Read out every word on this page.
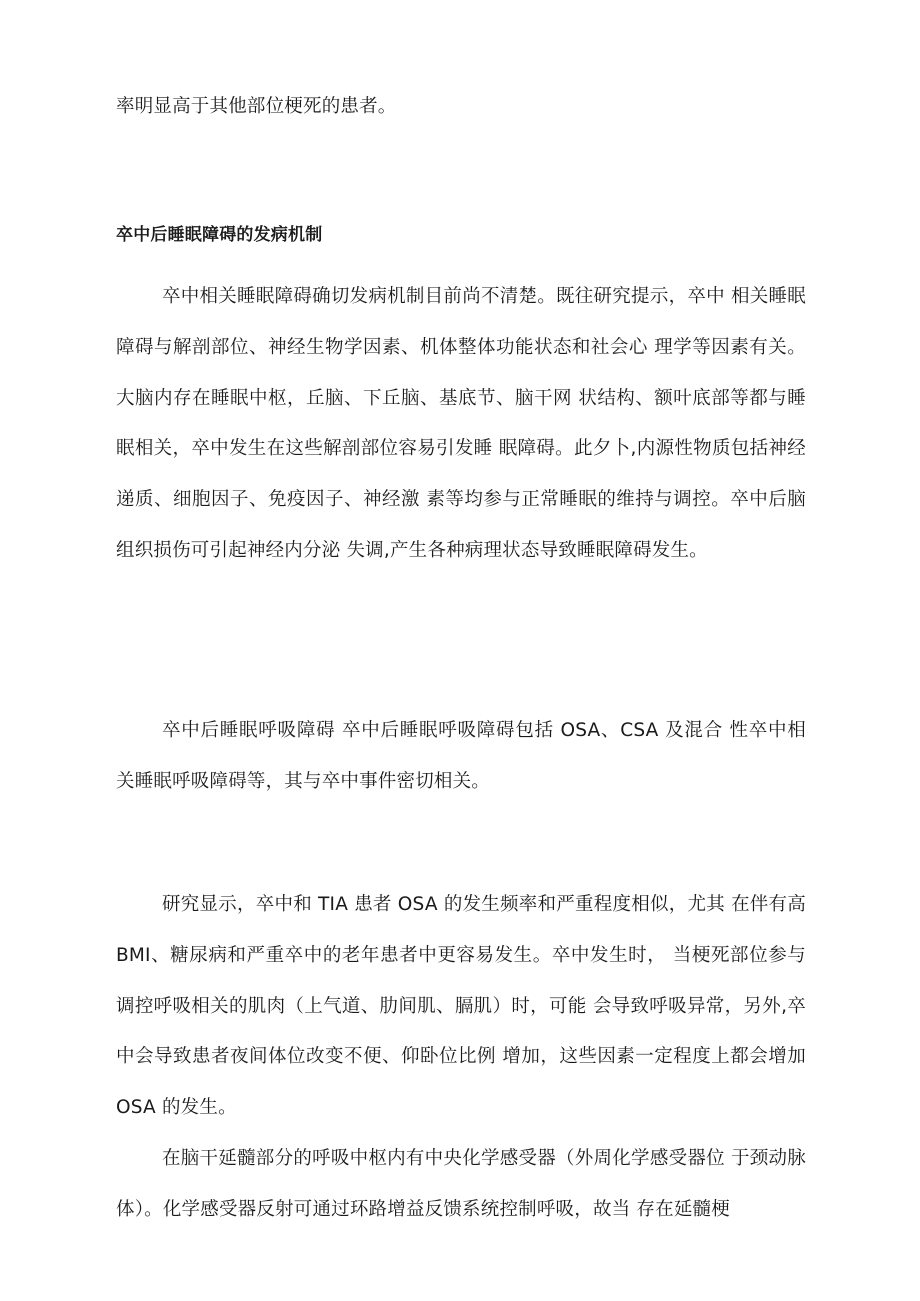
率明显高于其他部位梗死的患者。

卒中后睡眠障碍的发病机制

卒中相关睡眠障碍确切发病机制目前尚不清楚。既往研究提示，卒中 相关睡眠障碍与解剖部位、神经生物学因素、机体整体功能状态和社会心 理学等因素有关。大脑内存在睡眠中枢，丘脑、下丘脑、基底节、脑干网 状结构、额叶底部等都与睡眠相关，卒中发生在这些解剖部位容易引发睡 眠障碍。此夕卜,内源性物质包括神经递质、细胞因子、免疫因子、神经激 素等均参与正常睡眠的维持与调控。卒中后脑组织损伤可引起神经内分泌 失调,产生各种病理状态导致睡眠障碍发生。

卒中后睡眠呼吸障碍 卒中后睡眠呼吸障碍包括 OSA、CSA 及混合 性卒中相关睡眠呼吸障碍等，其与卒中事件密切相关。

研究显示，卒中和 TIA 患者 OSA 的发生频率和严重程度相似，尤其 在伴有高 BMI、糖尿病和严重卒中的老年患者中更容易发生。卒中发生时， 当梗死部位参与调控呼吸相关的肌肉（上气道、肋间肌、膈肌）时，可能 会导致呼吸异常，另外,卒中会导致患者夜间体位改变不便、仰卧位比例 增加，这些因素一定程度上都会增加 OSA 的发生。

在脑干延髓部分的呼吸中枢内有中央化学感受器（外周化学感受器位 于颈动脉体）。化学感受器反射可通过环路增益反馈系统控制呼吸，故当 存在延髓梗
